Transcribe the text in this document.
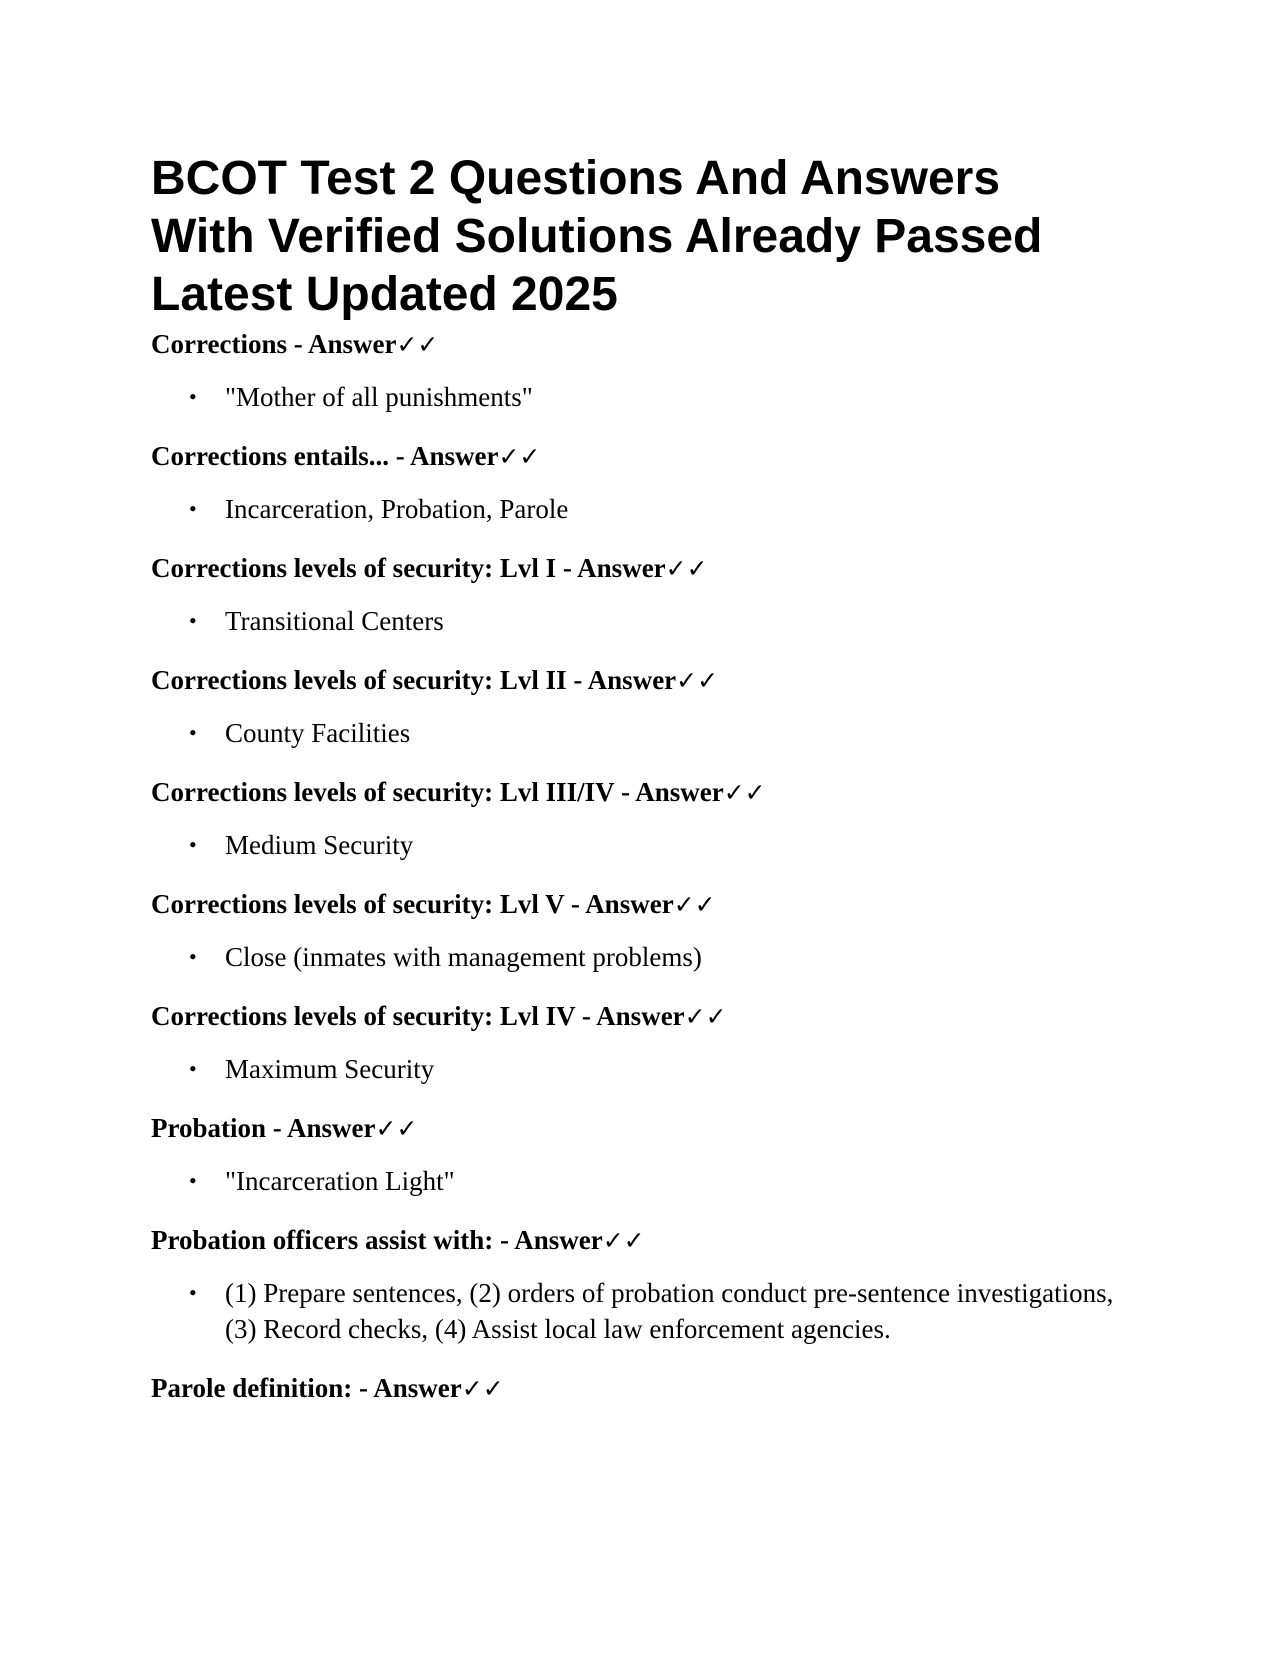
BCOT Test 2 Questions And Answers
With Verified Solutions Already Passed
Latest Updated 2025

Corrections - Answer✓✓

• "Mother of all punishments"

Corrections entails... - Answer✓✓

• Incarceration, Probation, Parole

Corrections levels of security: Lvl I - Answer✓✓

• Transitional Centers

Corrections levels of security: Lvl II - Answer✓✓

• County Facilities

Corrections levels of security: Lvl III/IV - Answer✓✓

• Medium Security

Corrections levels of security: Lvl V - Answer✓✓

• Close (inmates with management problems)

Corrections levels of security: Lvl IV - Answer✓✓

• Maximum Security

Probation - Answer✓✓

• "Incarceration Light"

Probation officers assist with: - Answer✓✓

• (1) Prepare sentences, (2) orders of probation conduct pre-sentence investigations, (3) Record checks, (4) Assist local law enforcement agencies.

Parole definition: - Answer✓✓
